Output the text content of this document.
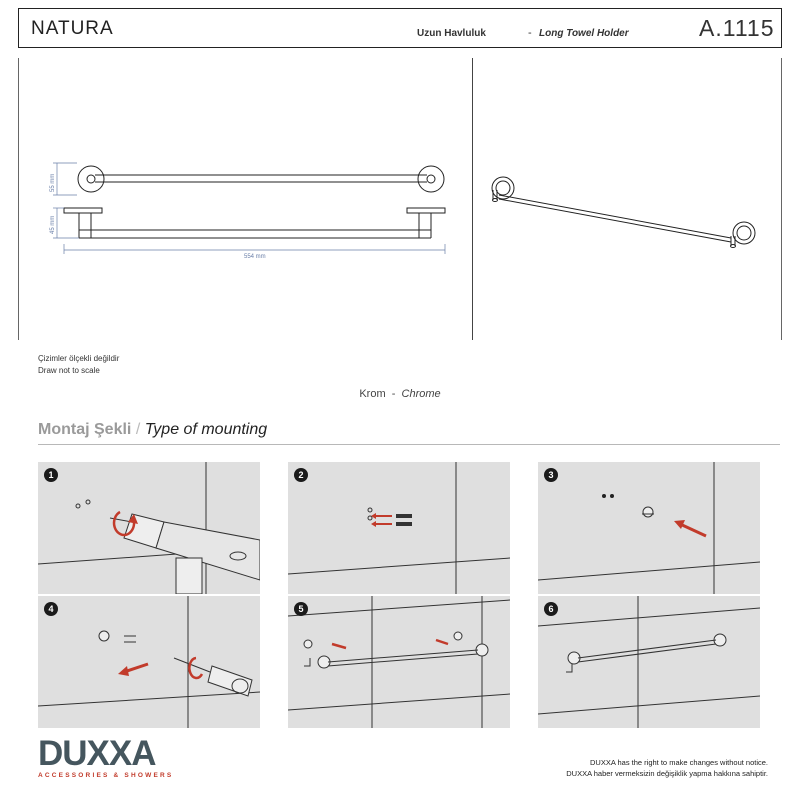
NATURA	Uzun Havluluk	- Long Towel Holder	A.1115
55 mm
45 mm
554 mm
Çizimler ölçekli değildir
Draw not to scale
Krom - Chrome
Montaj Şekli / Type of mounting
1	2	3
4	5	6
DUXXA
ACCESSORIES & SHOWERS
DUXXA has the right to make changes without notice.
DUXXA haber vermeksizin değişiklik yapma hakkına sahiptir.
